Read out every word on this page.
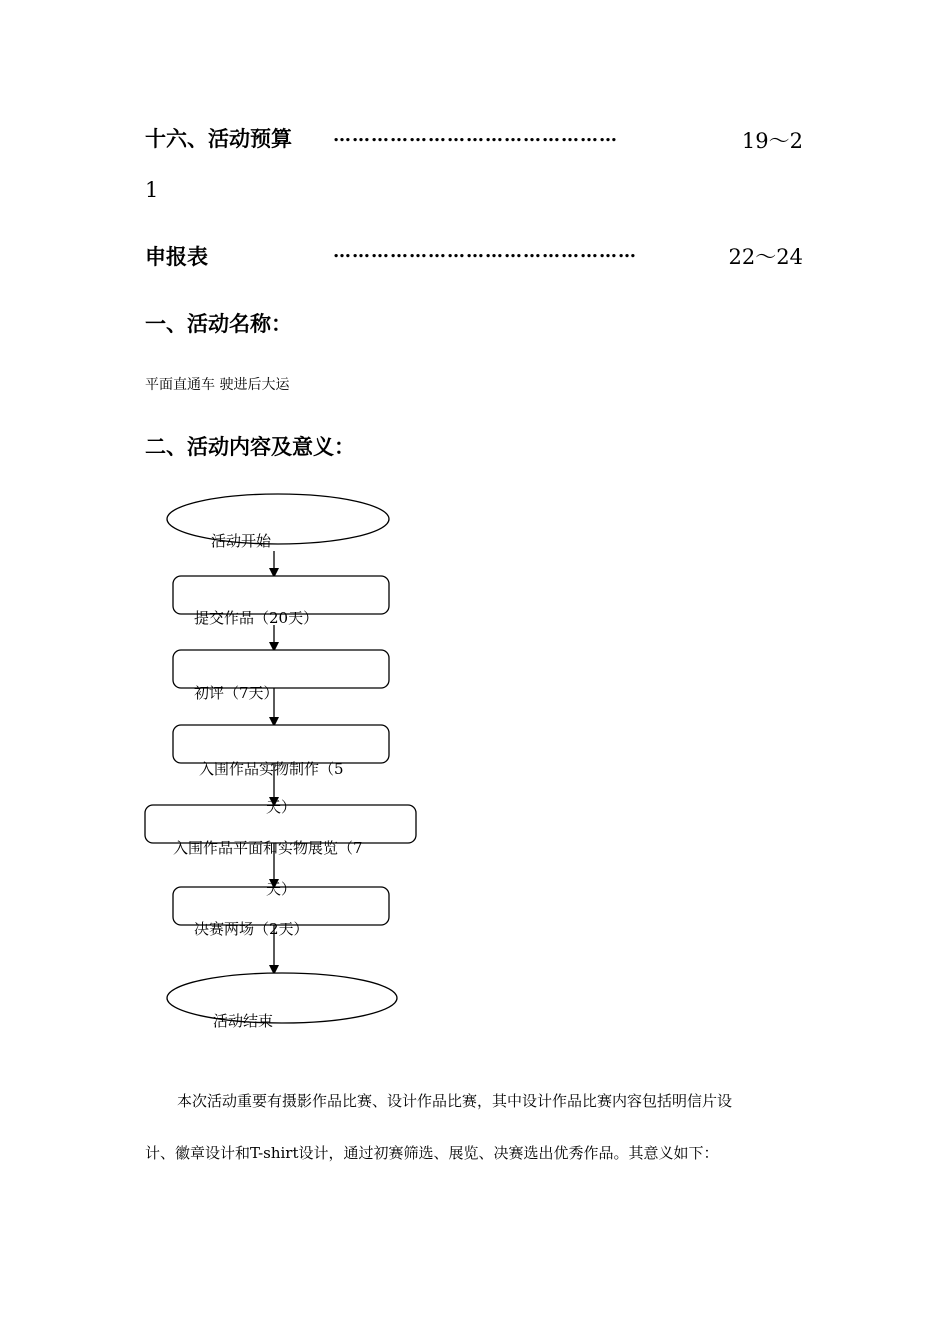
十六、活动预算 ………………………………………	19～2
1
申报表	…………………………………………	22～24
一、活动名称：
平面直通车 驶进后大运
二、活动内容及意义：
活动开始
提交作品（20天）
初评（7天）
入围作品实物制作（5
天）
入围作品平面和实物展览（7
天）
决赛两场（2天）
活动结束
本次活动重要有摄影作品比赛、设计作品比赛，其中设计作品比赛内容包括明信片设
计、徽章设计和T-shirt设计，通过初赛筛选、展览、决赛选出优秀作品。其意义如下：
